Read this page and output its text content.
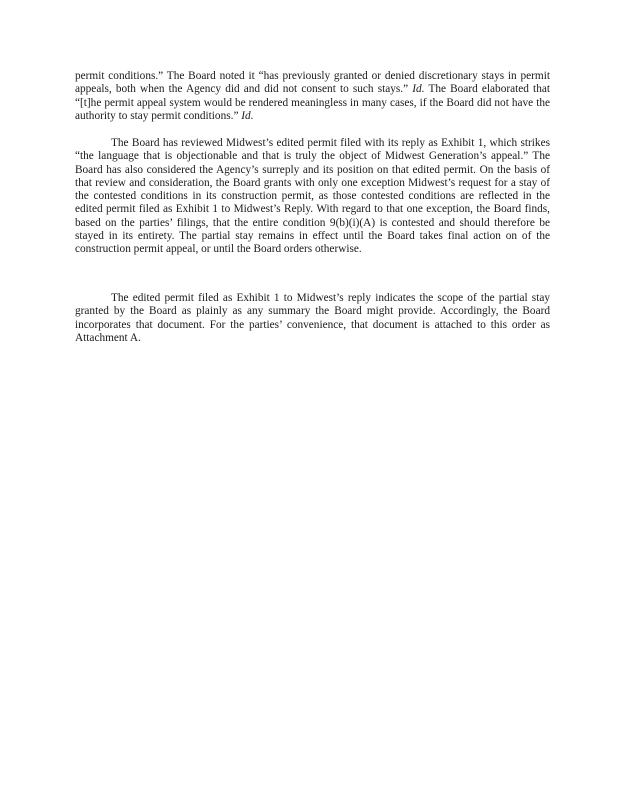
permit conditions.” The Board noted it “has previously granted or denied discretionary stays in permit appeals, both when the Agency did and did not consent to such stays.” Id. The Board elaborated that “[t]he permit appeal system would be rendered meaningless in many cases, if the Board did not have the authority to stay permit conditions.” Id.

The Board has reviewed Midwest’s edited permit filed with its reply as Exhibit 1, which strikes “the language that is objectionable and that is truly the object of Midwest Generation’s appeal.” The Board has also considered the Agency’s surreply and its position on that edited permit. On the basis of that review and consideration, the Board grants with only one exception Midwest’s request for a stay of the contested conditions in its construction permit, as those contested conditions are reflected in the edited permit filed as Exhibit 1 to Midwest’s Reply. With regard to that one exception, the Board finds, based on the parties’ filings, that the entire condition 9(b)(i)(A) is contested and should therefore be stayed in its entirety. The partial stay remains in effect until the Board takes final action on of the construction permit appeal, or until the Board orders otherwise.

The edited permit filed as Exhibit 1 to Midwest’s reply indicates the scope of the partial stay granted by the Board as plainly as any summary the Board might provide. Accordingly, the Board incorporates that document. For the parties’ convenience, that document is attached to this order as Attachment A.
